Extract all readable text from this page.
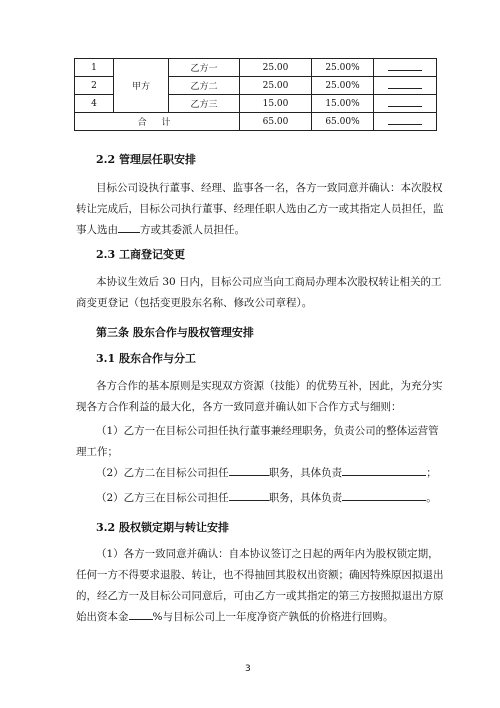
1	甲方	乙方一	25.00	25.00%	
2		乙方二	25.00	25.00%	
4		乙方三	15.00	15.00%	
合 计			65.00	65.00%	
2.2 管理层任职安排
目标公司设执行董事、经理、监事各一名，各方一致同意并确认：本次股权
转让完成后，目标公司执行董事、经理任职人选由乙方一或其指定人员担任，监
事人选由 方或其委派人员担任。
2.3 工商登记变更
本协议生效后 30 日内，目标公司应当向工商局办理本次股权转让相关的工
商变更登记（包括变更股东名称、修改公司章程）。
第三条 股东合作与股权管理安排
3.1 股东合作与分工
各方合作的基本原则是实现双方资源（技能）的优势互补，因此，为充分实
现各方合作利益的最大化，各方一致同意并确认如下合作方式与细则：
（1）乙方一在目标公司担任执行董事兼经理职务，负责公司的整体运营管
理工作；
（2）乙方二在目标公司担任	职务，具体负责	；
（2）乙方三在目标公司担任	职务，具体负责	。
3.2 股权锁定期与转让安排
（1）各方一致同意并确认：自本协议签订之日起的两年内为股权锁定期，
任何一方不得要求退股、转让，也不得抽回其股权出资额；确因特殊原因拟退出
的，经乙方一及目标公司同意后，可由乙方一或其指定的第三方按照拟退出方原
始出资本金 %与目标公司上一年度净资产孰低的价格进行回购。
3
